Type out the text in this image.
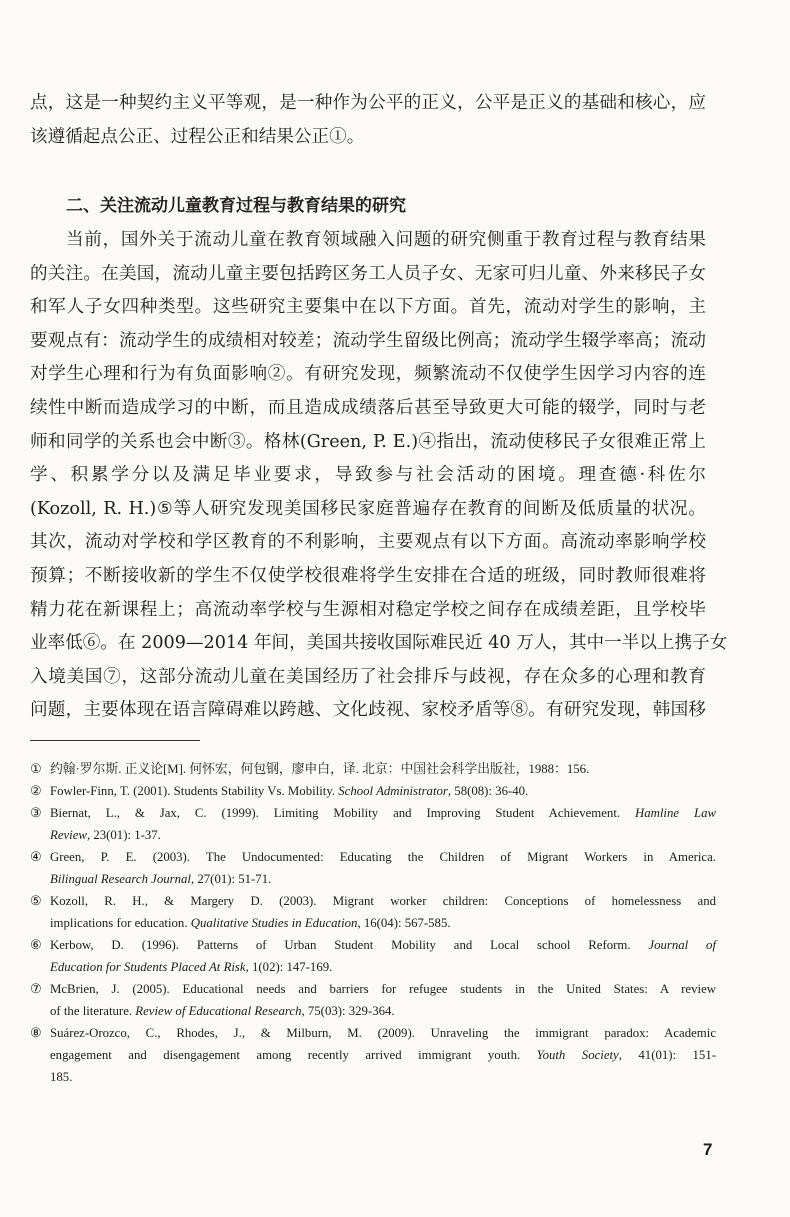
点，这是一种契约主义平等观，是一种作为公平的正义，公平是正义的基础和核心，应
该遵循起点公正、过程公正和结果公正①。
二、关注流动儿童教育过程与教育结果的研究
当前，国外关于流动儿童在教育领域融入问题的研究侧重于教育过程与教育结果
的关注。在美国，流动儿童主要包括跨区务工人员子女、无家可归儿童、外来移民子女
和军人子女四种类型。这些研究主要集中在以下方面。首先，流动对学生的影响，主
要观点有：流动学生的成绩相对较差；流动学生留级比例高；流动学生辍学率高；流动
对学生心理和行为有负面影响②。有研究发现，频繁流动不仅使学生因学习内容的连
续性中断而造成学习的中断，而且造成成绩落后甚至导致更大可能的辍学，同时与老
师和同学的关系也会中断③。格林(Green, P. E.)④指出，流动使移民子女很难正常上
学、积累学分以及满足毕业要求，导致参与社会活动的困境。理查德·科佐尔
(Kozoll, R. H.)⑤等人研究发现美国移民家庭普遍存在教育的间断及低质量的状况。
其次，流动对学校和学区教育的不利影响，主要观点有以下方面。高流动率影响学校
预算；不断接收新的学生不仅使学校很难将学生安排在合适的班级，同时教师很难将
精力花在新课程上；高流动率学校与生源相对稳定学校之间存在成绩差距，且学校毕
业率低⑥。在 2009—2014 年间，美国共接收国际难民近 40 万人，其中一半以上携子女
入境美国⑦，这部分流动儿童在美国经历了社会排斥与歧视，存在众多的心理和教育
问题，主要体现在语言障碍难以跨越、文化歧视、家校矛盾等⑧。有研究发现，韩国移
① 约翰·罗尔斯. 正义论[M]. 何怀宏，何包钢，廖申白，译. 北京：中国社会科学出版社，1988：156.
② Fowler-Finn, T. (2001). Students Stability Vs. Mobility. School Administrator, 58(08): 36-40.
③ Biernat, L., & Jax, C. (1999). Limiting Mobility and Improving Student Achievement. Hamline Law
Review, 23(01): 1-37.
④ Green, P. E. (2003). The Undocumented: Educating the Children of Migrant Workers in America.
Bilingual Research Journal, 27(01): 51-71.
⑤ Kozoll, R. H., & Margery D. (2003). Migrant worker children: Conceptions of homelessness and
implications for education. Qualitative Studies in Education, 16(04): 567-585.
⑥ Kerbow, D. (1996). Patterns of Urban Student Mobility and Local school Reform. Journal of
Education for Students Placed At Risk, 1(02): 147-169.
⑦ McBrien, J. (2005). Educational needs and barriers for refugee students in the United States: A review
of the literature. Review of Educational Research, 75(03): 329-364.
⑧ Suárez-Orozco, C., Rhodes, J., & Milburn, M. (2009). Unraveling the immigrant paradox: Academic
engagement and disengagement among recently arrived immigrant youth. Youth Society, 41(01): 151-
185.
7
